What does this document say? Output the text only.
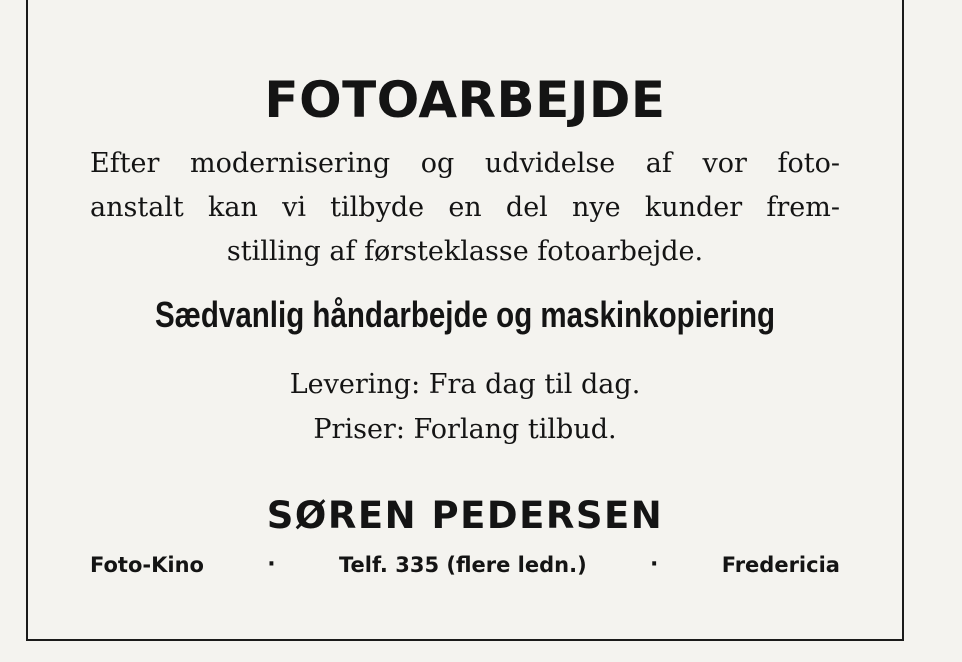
FOTOARBEJDE
Efter modernisering og udvidelse af vor foto-
anstalt kan vi tilbyde en del nye kunder frem-
stilling af førsteklasse fotoarbejde.
Sædvanlig håndarbejde og maskinkopiering
Levering: Fra dag til dag.
Priser: Forlang tilbud.
SØREN PEDERSEN
Foto-Kino	·	Telf. 335 (flere ledn.)	·	Fredericia
